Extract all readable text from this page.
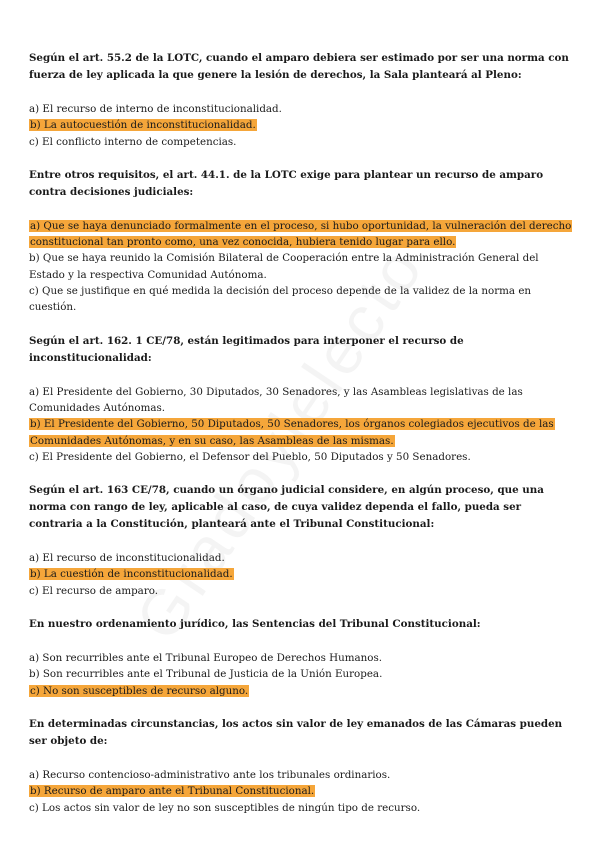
Según el art. 55.2 de la LOTC, cuando el amparo debiera ser estimado por ser una norma con fuerza de ley aplicada la que genere la lesión de derechos, la Sala planteará al Pleno:
a) El recurso de interno de inconstitucionalidad.
b) La autocuestión de inconstitucionalidad.
c) El conflicto interno de competencias.
Entre otros requisitos, el art. 44.1. de la LOTC exige para plantear un recurso de amparo contra decisiones judiciales:
a) Que se haya denunciado formalmente en el proceso, si hubo oportunidad, la vulneración del derecho constitucional tan pronto como, una vez conocida, hubiera tenido lugar para ello.
b) Que se haya reunido la Comisión Bilateral de Cooperación entre la Administración General del Estado y la respectiva Comunidad Autónoma.
c) Que se justifique en qué medida la decisión del proceso depende de la validez de la norma en cuestión.
Según el art. 162. 1 CE/78, están legitimados para interponer el recurso de inconstitucionalidad:
a) El Presidente del Gobierno, 30 Diputados, 30 Senadores, y las Asambleas legislativas de las Comunidades Autónomas.
b) El Presidente del Gobierno, 50 Diputados, 50 Senadores, los órganos colegiados ejecutivos de las Comunidades Autónomas, y en su caso, las Asambleas de las mismas.
c) El Presidente del Gobierno, el Defensor del Pueblo, 50 Diputados y 50 Senadores.
Según el art. 163 CE/78, cuando un órgano judicial considere, en algún proceso, que una norma con rango de ley, aplicable al caso, de cuya validez dependa el fallo, pueda ser contraria a la Constitución, planteará ante el Tribunal Constitucional:
a) El recurso de inconstitucionalidad.
b) La cuestión de inconstitucionalidad.
c) El recurso de amparo.
En nuestro ordenamiento jurídico, las Sentencias del Tribunal Constitucional:
a) Son recurribles ante el Tribunal Europeo de Derechos Humanos.
b) Son recurribles ante el Tribunal de Justicia de la Unión Europea.
c) No son susceptibles de recurso alguno.
En determinadas circunstancias, los actos sin valor de ley emanados de las Cámaras pueden ser objeto de:
a) Recurso contencioso-administrativo ante los tribunales ordinarios.
b) Recurso de amparo ante el Tribunal Constitucional.
c) Los actos sin valor de ley no son susceptibles de ningún tipo de recurso.
